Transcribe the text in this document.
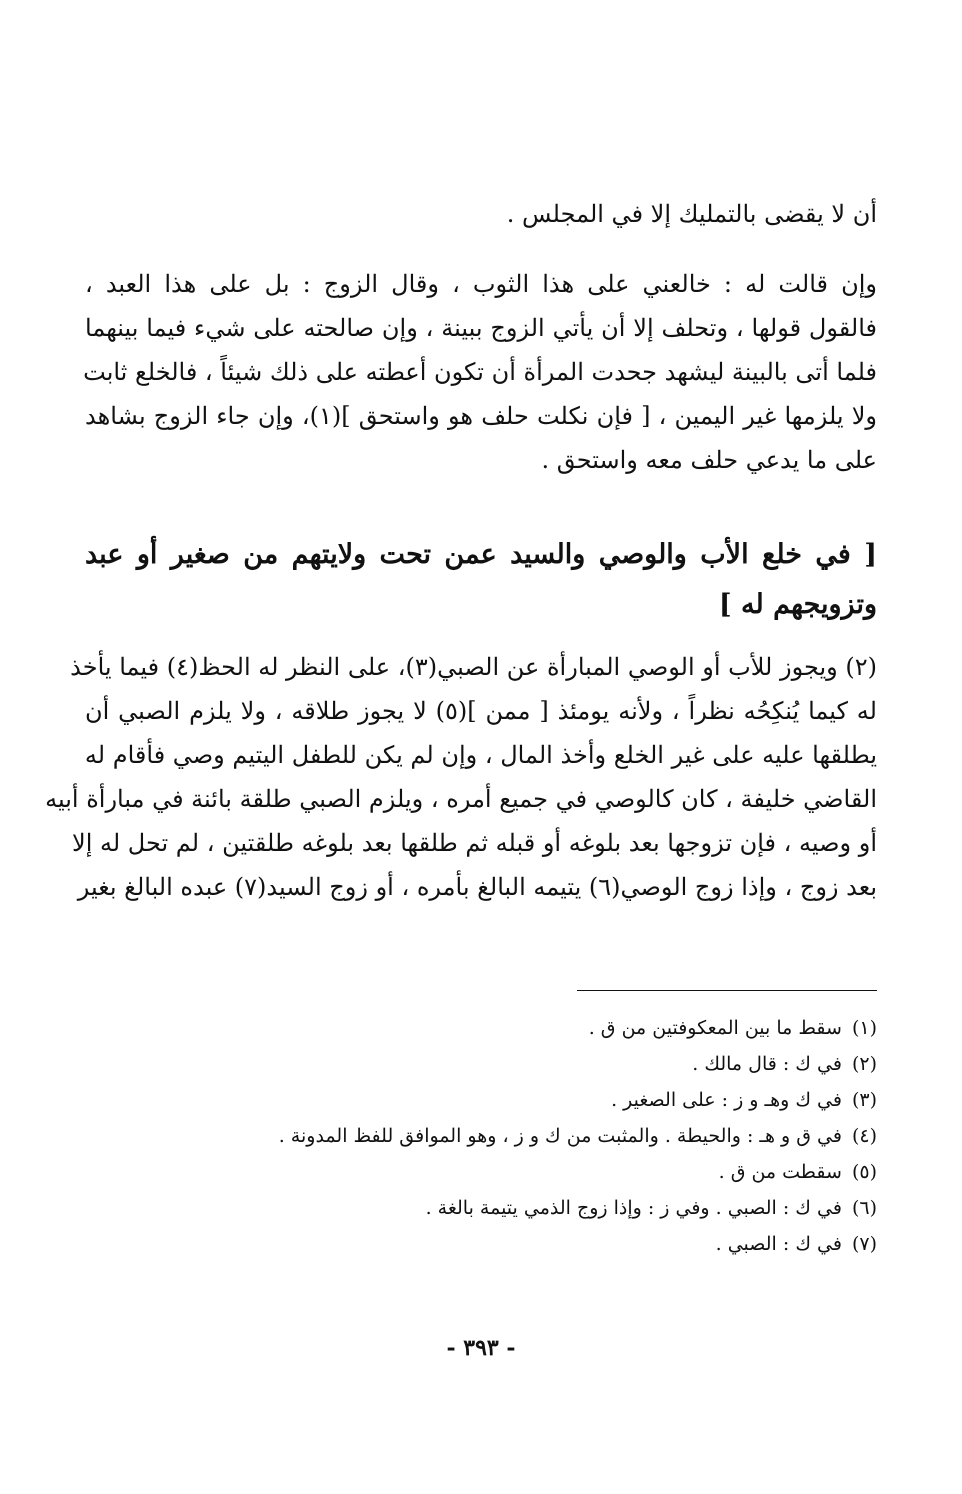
أن لا يقضى بالتمليك إلا في المجلس .
وإن قالت له : خالعني على هذا الثوب ، وقال الزوج : بل على هذا العبد ،
فالقول قولها ، وتحلف إلا أن يأتي الزوج ببينة ، وإن صالحته على شيء فيما بينهما
فلما أتى بالبينة ليشهد جحدت المرأة أن تكون أعطته على ذلك شيئاً ، فالخلع ثابت
ولا يلزمها غير اليمين ، [ فإن نكلت حلف هو واستحق ](١)، وإن جاء الزوج بشاهد
على ما يدعي حلف معه واستحق .
[ في خلع الأب والوصي والسيد عمن تحت ولايتهم من صغير أو عبد
وتزويجهم له ]
(٢) ويجوز للأب أو الوصي المبارأة عن الصبي(٣)، على النظر له الحظ(٤) فيما يأخذ
له كيما يُنكِحُه نظراً ، ولأنه يومئذ [ ممن ](٥) لا يجوز طلاقه ، ولا يلزم الصبي أن
يطلقها عليه على غير الخلع وأخذ المال ، وإن لم يكن للطفل اليتيم وصي فأقام له
القاضي خليفة ، كان كالوصي في جميع أمره ، ويلزم الصبي طلقة بائنة في مبارأة أبيه
أو وصيه ، فإن تزوجها بعد بلوغه أو قبله ثم طلقها بعد بلوغه طلقتين ، لم تحل له إلا
بعد زوج ، وإذا زوج الوصي(٦) يتيمه البالغ بأمره ، أو زوج السيد(٧) عبده البالغ بغير
(١)سقط ما بين المعكوفتين من ق .
(٢)في ك : قال مالك .
(٣)في ك وهـ و ز : على الصغير .
(٤)في ق و هـ : والحيطة . والمثبت من ك و ز ، وهو الموافق للفظ المدونة .
(٥)سقطت من ق .
(٦)في ك : الصبي . وفي ز : وإذا زوج الذمي يتيمة بالغة .
(٧)في ك : الصبي .
- ٣٩٣ -
